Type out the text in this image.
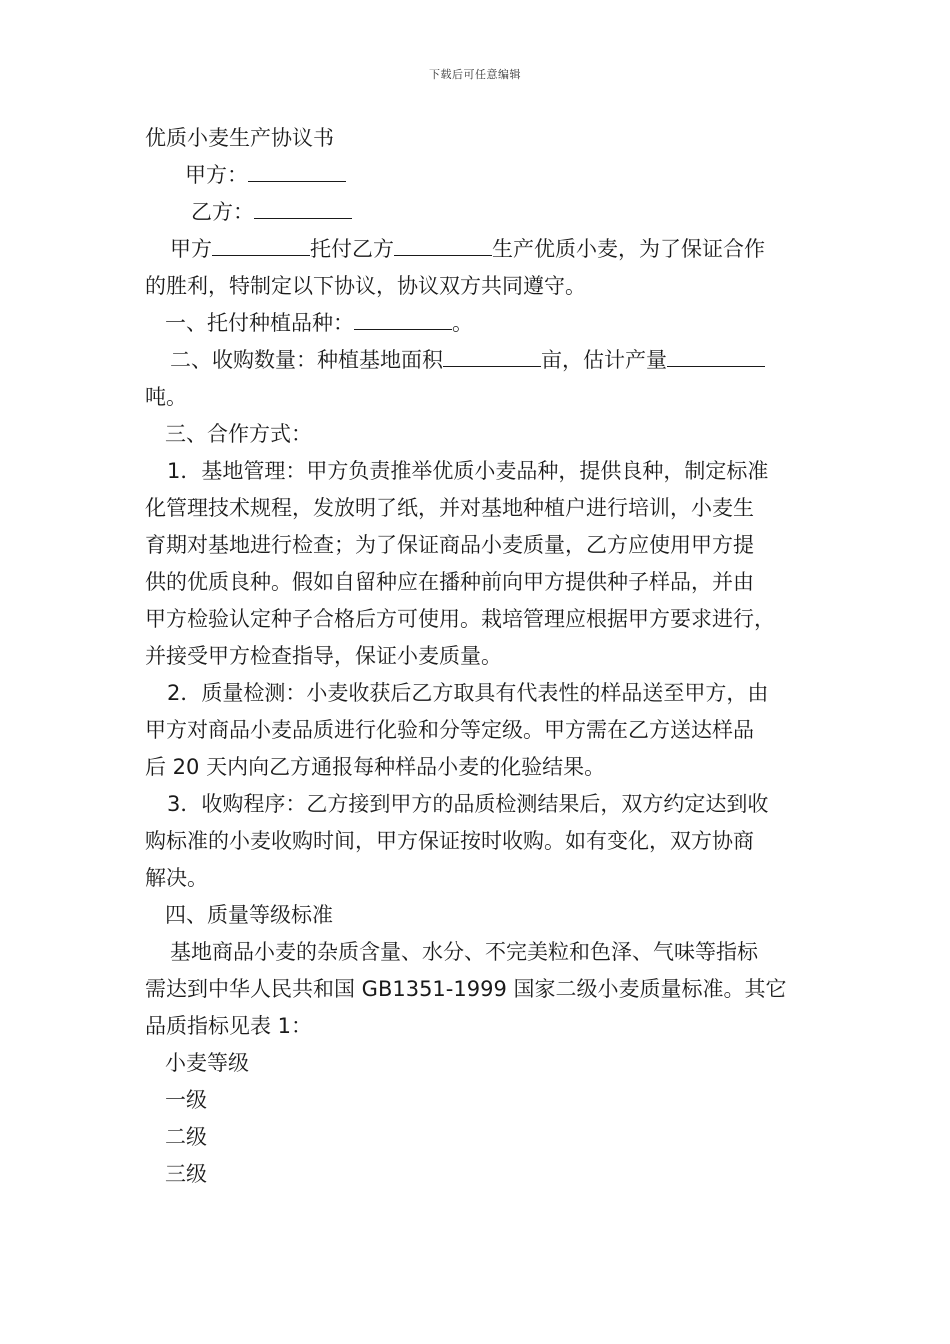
下载后可任意编辑
优质小麦生产协议书
甲方：
乙方：
甲方	托付乙方	生产优质小麦，为了保证合作
的胜利，特制定以下协议，协议双方共同遵守。
一、托付种植品种：	。
二、收购数量：种植基地面积	亩，估计产量
吨。
三、合作方式：
1．基地管理：甲方负责推举优质小麦品种，提供良种，制定标准
化管理技术规程，发放明了纸，并对基地种植户进行培训，小麦生
育期对基地进行检查；为了保证商品小麦质量，乙方应使用甲方提
供的优质良种。假如自留种应在播种前向甲方提供种子样品，并由
甲方检验认定种子合格后方可使用。栽培管理应根据甲方要求进行，
并接受甲方检查指导，保证小麦质量。
2．质量检测：小麦收获后乙方取具有代表性的样品送至甲方，由
甲方对商品小麦品质进行化验和分等定级。甲方需在乙方送达样品
后 20 天内向乙方通报每种样品小麦的化验结果。
3．收购程序：乙方接到甲方的品质检测结果后，双方约定达到收
购标准的小麦收购时间，甲方保证按时收购。如有变化，双方协商
解决。
四、质量等级标准
基地商品小麦的杂质含量、水分、不完美粒和色泽、气味等指标
需达到中华人民共和国 GB1351-1999 国家二级小麦质量标准。其它
品质指标见表 1：
小麦等级
一级
二级
三级
